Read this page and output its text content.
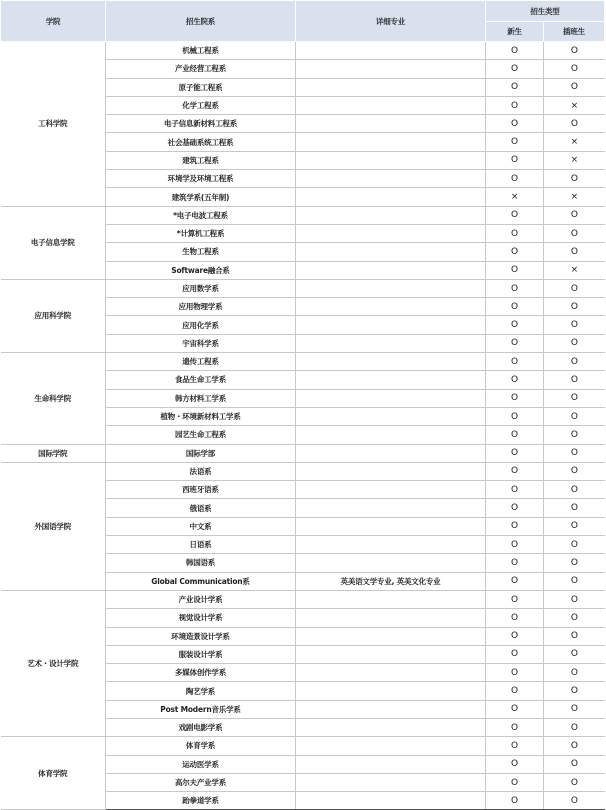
学院	招生院系	详细专业	招生类型	
			新生	插班生
工科学院	机械工程系		O	O
	产业经营工程系		O	O
	原子能工程系		O	O
	化学工程系		O	×
	电子信息新材料工程系		O	O
	社会基础系统工程系		O	×
	建筑工程系		O	×
	环境学及环境工程系		O	O
	建筑学系(五年制)		×	×
电子信息学院	*电子电波工程系		O	O
	*计算机工程系		O	O
	生物工程系		O	O
	Software融合系		O	×
应用科学院	应用数学系		O	O
	应用物理学系		O	O
	应用化学系		O	O
	宇宙科学系		O	O
生命科学院	遗传工程系		O	O
	食品生命工学系		O	O
	韩方材料工学系		O	O
	植物・环境新材料工学系		O	O
	园艺生命工程系		O	O
国际学院	国际学部		O	O
外国语学院	法语系		O	O
	西班牙语系		O	O
	俄语系		O	O
	中文系		O	O
	日语系		O	O
	韩国语系		O	O
	Global Communication系	英美语文学专业, 英美文化专业	O	O
艺术・设计学院	产业设计学系		O	O
	视觉设计学系		O	O
	环境造景设计学系		O	O
	服装设计学系		O	O
	多媒体创作学系		O	O
	陶艺学系		O	O
	Post Modern音乐学系		O	O
	戏剧电影学系		O	O
体育学院	体育学系		O	O
	运动医学系		O	O
	高尔夫产业学系		O	O
	跆拳道学系		O	O
